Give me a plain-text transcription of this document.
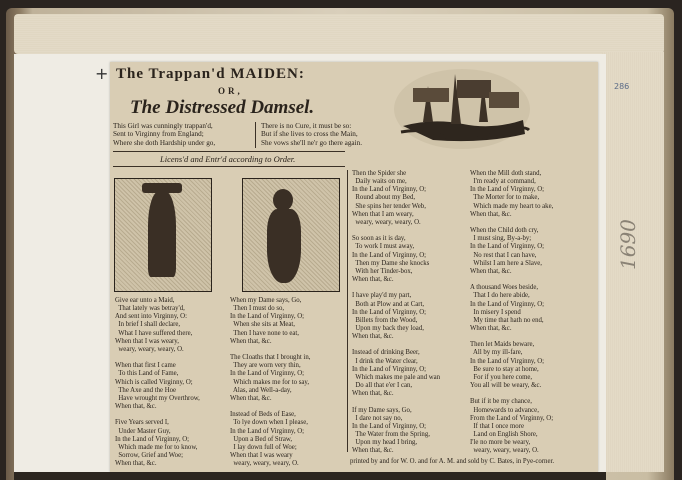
+
286
1690
The Trappan'd MAIDEN:
OR,
The Distressed Damsel.
This Girl was cunningly trappan'd,
Sent to Virginny from England;
Where she doth Hardship under go,
There is no Cure, it must be so:
But if she lives to cross the Main,
She vows she'll ne'r go there again.
Licens'd and Entr'd according to Order.
Give ear unto a Maid,
That lately was betray'd,
And sent into Virginny, O:
In brief I shall declare,
What I have suffered there,
When that I was weary,
weary, weary, weary, O.

When that first I came
To this Land of Fame,
Which is called Virginny, O;
The Axe and the Hoe
Have wrought my Overthrow,
When that, &c.

Five Years served I,
Under Master Guy,
In the Land of Virginny, O;
Which made me for to know,
Sorrow, Grief and Woe;
When that, &c.
When my Dame says, Go,
Then I must do so,
In the Land of Virginny, O;
When she sits at Meat,
Then I have none to eat,
When that, &c.

The Cloaths that I brought in,
They are worn very thin,
In the Land of Virginny, O;
Which makes me for to say,
Alas, and Well-a-day,
When that, &c.

Instead of Beds of Ease,
To lye down when I please,
In the Land of Virginny, O;
Upon a Bed of Straw,
I lay down full of Woe;
When that I was weary
weary, weary, weary, O.
Then the Spider she
Daily waits on me,
In the Land of Virginny, O;
Round about my Bed,
She spins her tender Web,
When that I am weary,
weary, weary, weary, O.

So soon as it is day,
To work I must away,
In the Land of Virginny, O;
Then my Dame she knocks
With her Tinder-box,
When that, &c.

I have play'd my part,
Both at Plow and at Cart,
In the Land of Virginny, O;
Billets from the Wood,
Upon my back they load,
When that, &c.

Instead of drinking Beer,
I drink the Water clear,
In the Land of Virginny, O;
Which makes me pale and wan
Do all that e'er I can,
When that, &c.

If my Dame says, Go,
I dare not say no,
In the Land of Virginny, O;
The Water from the Spring,
Upon my head I bring,
When that, &c.
When the Mill doth stand,
I'm ready at command,
In the Land of Virginny, O;
The Morter for to make,
Which made my heart to ake,
When that, &c.

When the Child doth cry,
I must sing, By-a-by;
In the Land of Virginny, O;
No rest that I can have,
Whilst I am here a Slave,
When that, &c.

A thousand Woes beside,
That I do here abide,
In the Land of Virginny, O;
In misery I spend
My time that hath no end,
When that, &c.

Then let Maids beware,
All by my ill-fare,
In the Land of Virginny, O;
Be sure to stay at home,
For if you here come,
You all will be weary, &c.

But if it be my chance,
Homewards to advance,
From the Land of Virginny, O;
If that I once more
Land on English Shore,
I'le no more be weary,
weary, weary, weary, O.
printed by and for W. O. and for A. M. and sold by C. Bates, in Pye-corner.
